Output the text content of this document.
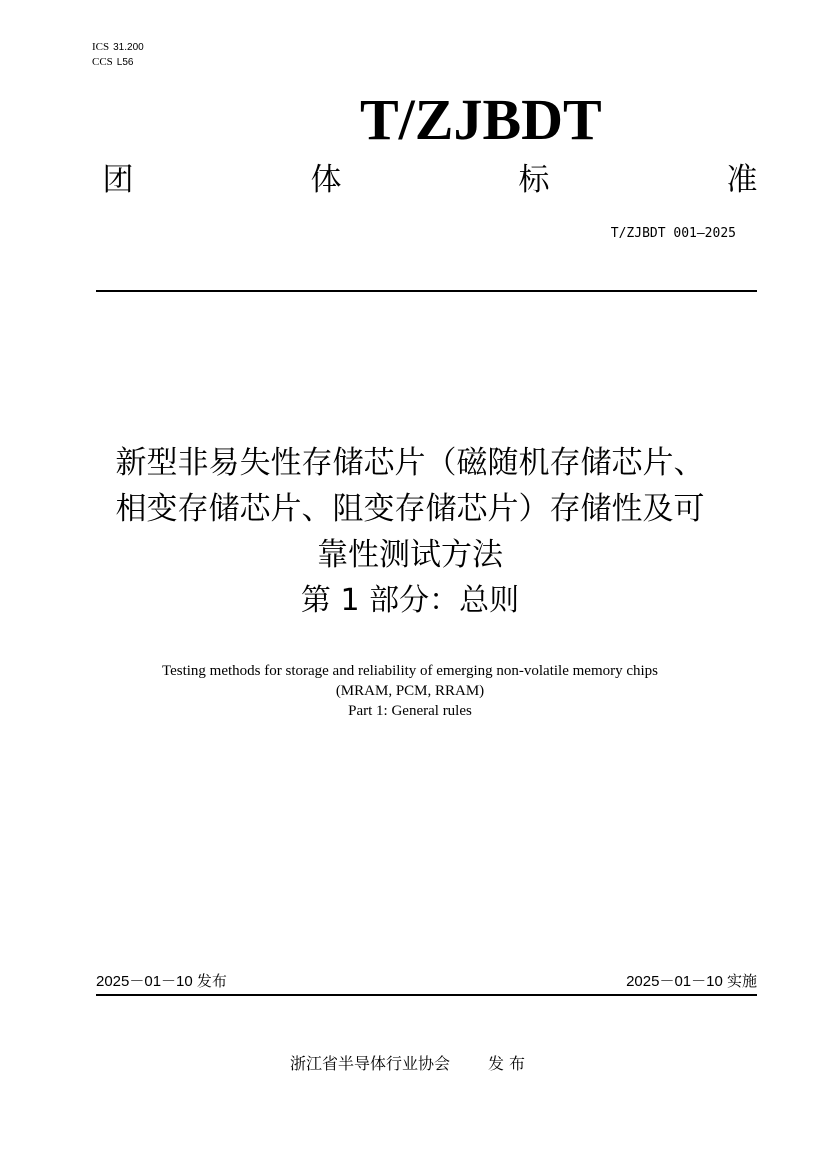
ICS 31.200
CCS L56
T/ZJBDT
团	体	标	准
T/ZJBDT 001—2025
新型非易失性存储芯片（磁随机存储芯片、
相变存储芯片、阻变存储芯片）存储性及可
靠性测试方法
第 1 部分：总则
Testing methods for storage and reliability of emerging non-volatile memory chips
(MRAM, PCM, RRAM)
Part 1: General rules
2025－01－10 发布	2025－01－10 实施
浙江省半导体行业协会 发 布
